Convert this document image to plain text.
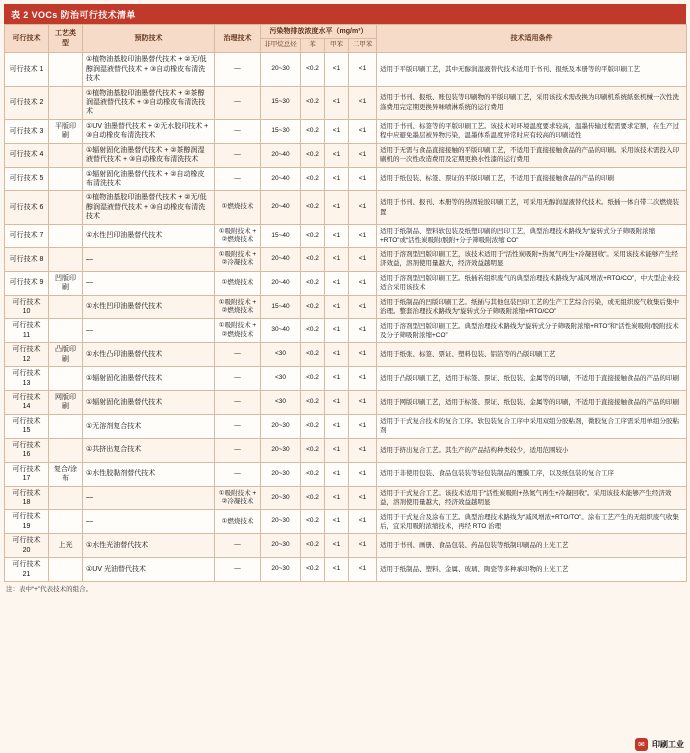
表 2 VOCs 防治可行技术清单
可行技术	工艺类型	预防技术	治理技术	污染物排放浓度水平（mg/m³）				技术适用条件
				非甲烷总烃	苯	甲苯	二甲苯	
可行技术 1		①植物油基胶印油墨替代技术 + ②无/低醇润湿液替代技术 + ③自动橡皮布清洗技术	—	20~30	<0.2	<1	<1	适用于平版印刷工艺，其中无醇润湿液替代技术适用于书刊、报纸及本册等的平版印刷工艺
可行技术 2		①植物油基胶印油墨替代技术 + ②茶醇润湿液替代技术 + ③自动橡皮布清洗技术	—	15~30	<0.2	<1	<1	适用于书刊、报纸、账包装等印刷物的平版印刷工艺，采用该技术需改换为印刷机系统紙张机械一次性洗涤费用完定期更换异味喷淋系统的运行费用
可行技术 3	平版印刷	①UV 油墨替代技术 + ②无水胶印技术 + ③自动橡皮布清洗技术	—	15~30	<0.2	<1	<1	适用于书刊、标签等的平版印刷工艺。该技术对环境温度要求较高，温墨传输过程需要求定额，在生产过程中应避免墨层被异物污染，温墨体系温度异常时应有较高的印刷适性
可行技术 4		①辐射固化油墨替代技术 + ②茶醇润湿液替代技术 + ③自动橡皮布清洗技术	—	20~40	<0.2	<1	<1	适用于无需与食品直接接触的平版印刷工艺，不适用于直接接触食品的产品的印刷。采用该技术需投入印刷机的一次性改造费用及定期更换水性漆的运行费用
可行技术 5		①辐射固化油墨替代技术 + ②自动橡皮布清洗技术	—	20~40	<0.2	<1	<1	适用于纸包装、标签、票证的平版印刷工艺，不适用于直接接触食品的产品的印刷
可行技术 6		①植物油基胶印油墨替代技术 + ②无/低醇润湿液替代技术 + ③自动橡皮布清洗技术	①燃烧技术	20~40	<0.2	<1	<1	适用于书刊、报刊、本册等的热固轮胶印刷工艺，可采用无醇润湿液替代技术。纸插一体自带二次燃烧装置
可行技术 7		①水性凹印油墨替代技术	①吸附技术 + ②燃烧技术	15~40	<0.2	<1	<1	适用于纸制品、塑料软包装及纸塑印刷的凹印工艺，典型治理技术路线为“旋转式分子筛吸附浓缩+RTO”或“活性炭吸附/脱附+分子筛吸附浓缩 CO”
可行技术 8		—	①吸附技术 + ②冷凝技术	20~40	<0.2	<1	<1	适用于溶剂型凹版印刷工艺，该技术适用于“活性炭吸附+热氮气再生+冷凝回收”。采用该技术能够产生经济效益，溶剂使用量越大，经济效益越明显
可行技术 9	凹版印刷	—	①燃烧技术	20~40	<0.2	<1	<1	适用于溶剂型凹版印刷工艺。纸插若组织废气的典型治理技术路线为“减风增浓+RTO/CO”，中大型企业较适合采用该技术
可行技术 10		①水性凹印油墨替代技术	①吸附技术 + ②燃烧技术	15~40	<0.2	<1	<1	适用于纸制品的凹版印刷工艺。纸插与其他包装凹印工艺的生产工艺综合污染，或无组织废气收集后集中治理。整套治理技术路线为“旋转式分子筛吸附浓缩+RTO/CO”
可行技术 11		—	①吸附技术 + ②燃烧技术	30~40	<0.2	<1	<1	适用于溶剂型凹版印刷工艺。典型治理技术路线为“旋转式分子筛吸附浓缩+RTO”和“活性炭吸附/脱附技术及分子筛吸附浓缩+CO”
可行技术 12	凸版印刷	①水性凸印油墨替代技术	—	<30	<0.2	<1	<1	适用于纸张、标签、票证、塑料包装、铝箔等的凸版印刷工艺
可行技术 13		①辐射固化油墨替代技术	—	<30	<0.2	<1	<1	适用于凸版印刷工艺，适用于标签、票证、纸包装、金属等的印刷，不适用于直接接触食品的产品的印刷
可行技术 14	网版印刷	①辐射固化油墨替代技术	—	<30	<0.2	<1	<1	适用于网版印刷工艺，适用于标签、票证、纸包装、金属等的印刷，不适用于直接接触食品的产品的印刷
可行技术 15		①无溶剂复合技术	—	20~30	<0.2	<1	<1	适用于干式复合技术的复合工序。软包装复合工序中采用双组分胶粘剂，微胶复合工序需采用单组分胶粘剂
可行技术 16		①共挤出复合技术	—	20~30	<0.2	<1	<1	适用于挤出复合工艺。其生产的产品结构种类较少，适用范围较小
可行技术 17	复合/涂布	①水性胶黏剂替代技术	—	20~30	<0.2	<1	<1	适用于非使用包装、食品包装装等轻包装制品的覆膜工序，以及纸包装的复合工序
可行技术 18		—	①吸附技术 + ②冷凝技术	20~30	<0.2	<1	<1	适用于干式复合工艺。该技术适用于“活性炭吸附+热氮气再生+冷凝回收”。采用该技术能够产生经济效益，溶剂使用量越大，经济效益越明显
可行技术 19		—	①燃烧技术	20~30	<0.2	<1	<1	适用于干式复合及涂布工艺。典型治理技术路线为“减风增浓+RTO/TO”。涂布工艺产生的无组织废气收集后，宜采用吸附浓缩技术，再经 RTO 治理
可行技术 20	上光	①水性光油替代技术	—	20~30	<0.2	<1	<1	适用于书刊、画册、食品包装、药品包装等纸制印刷品的上光工艺
可行技术 21		①UV 光油替代技术	—	20~30	<0.2	<1	<1	适用于纸制品、塑料、金属、玻璃、陶瓷等多种承印物的上光工艺
注：表中“+”代表技术的组合。
✉ 印刷工业
